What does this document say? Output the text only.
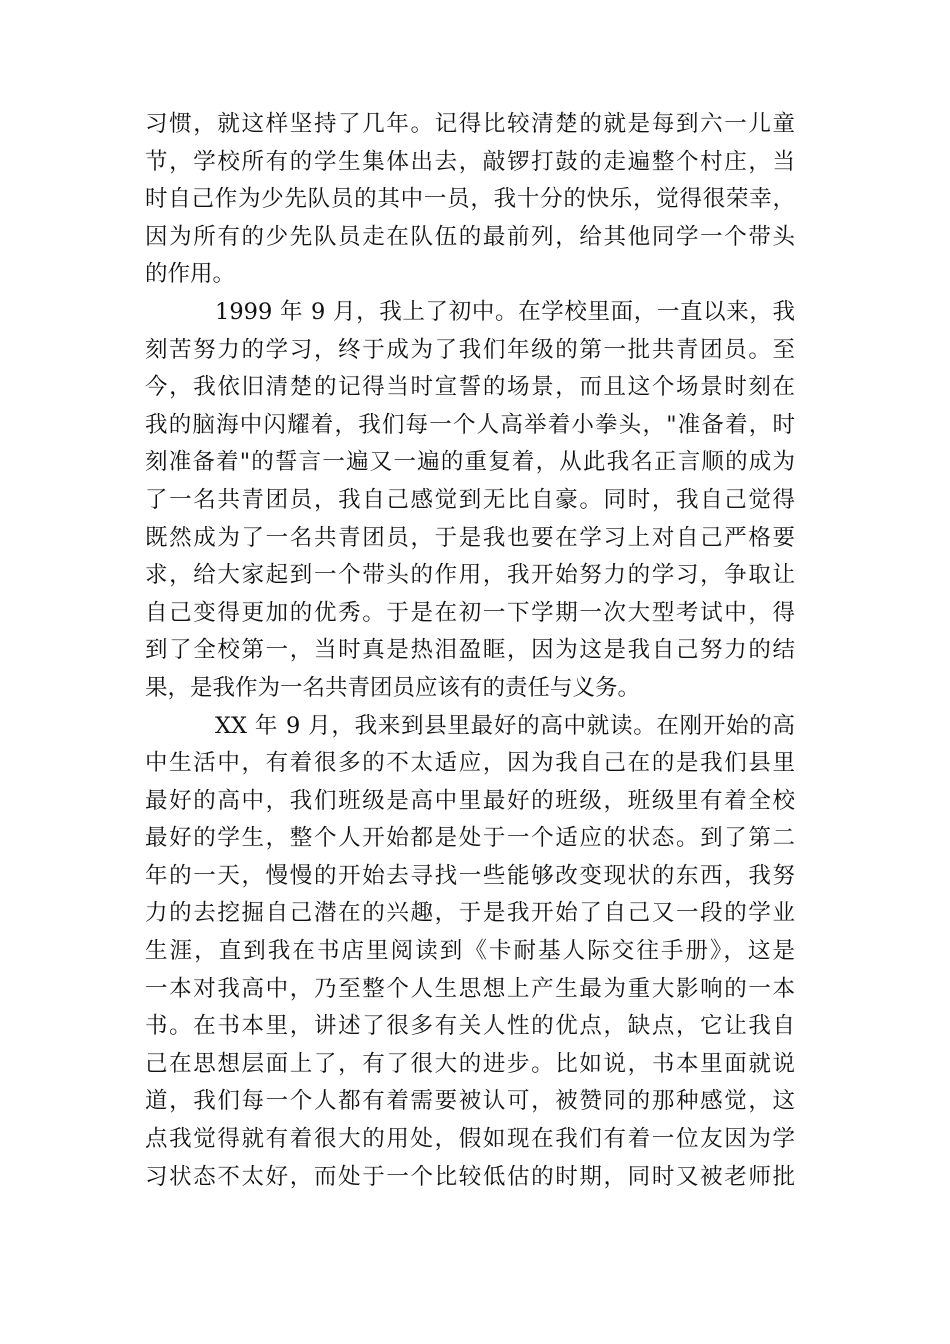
习惯，就这样坚持了几年。记得比较清楚的就是每到六一儿童
节，学校所有的学生集体出去，敲锣打鼓的走遍整个村庄，当
时自己作为少先队员的其中一员，我十分的快乐，觉得很荣幸，
因为所有的少先队员走在队伍的最前列，给其他同学一个带头
的作用。
1999 年 9 月，我上了初中。在学校里面，一直以来，我
刻苦努力的学习，终于成为了我们年级的第一批共青团员。至
今，我依旧清楚的记得当时宣誓的场景，而且这个场景时刻在
我的脑海中闪耀着，我们每一个人高举着小拳头，"准备着，时
刻准备着"的誓言一遍又一遍的重复着，从此我名正言顺的成为
了一名共青团员，我自己感觉到无比自豪。同时，我自己觉得
既然成为了一名共青团员，于是我也要在学习上对自己严格要
求，给大家起到一个带头的作用，我开始努力的学习，争取让
自己变得更加的优秀。于是在初一下学期一次大型考试中，得
到了全校第一，当时真是热泪盈眶，因为这是我自己努力的结
果，是我作为一名共青团员应该有的责任与义务。
XX 年 9 月，我来到县里最好的高中就读。在刚开始的高
中生活中，有着很多的不太适应，因为我自己在的是我们县里
最好的高中，我们班级是高中里最好的班级，班级里有着全校
最好的学生，整个人开始都是处于一个适应的状态。到了第二
年的一天，慢慢的开始去寻找一些能够改变现状的东西，我努
力的去挖掘自己潜在的兴趣，于是我开始了自己又一段的学业
生涯，直到我在书店里阅读到《卡耐基人际交往手册》，这是
一本对我高中，乃至整个人生思想上产生最为重大影响的一本
书。在书本里，讲述了很多有关人性的优点，缺点，它让我自
己在思想层面上了，有了很大的进步。比如说，书本里面就说
道，我们每一个人都有着需要被认可，被赞同的那种感觉，这
点我觉得就有着很大的用处，假如现在我们有着一位友因为学
习状态不太好，而处于一个比较低估的时期，同时又被老师批
